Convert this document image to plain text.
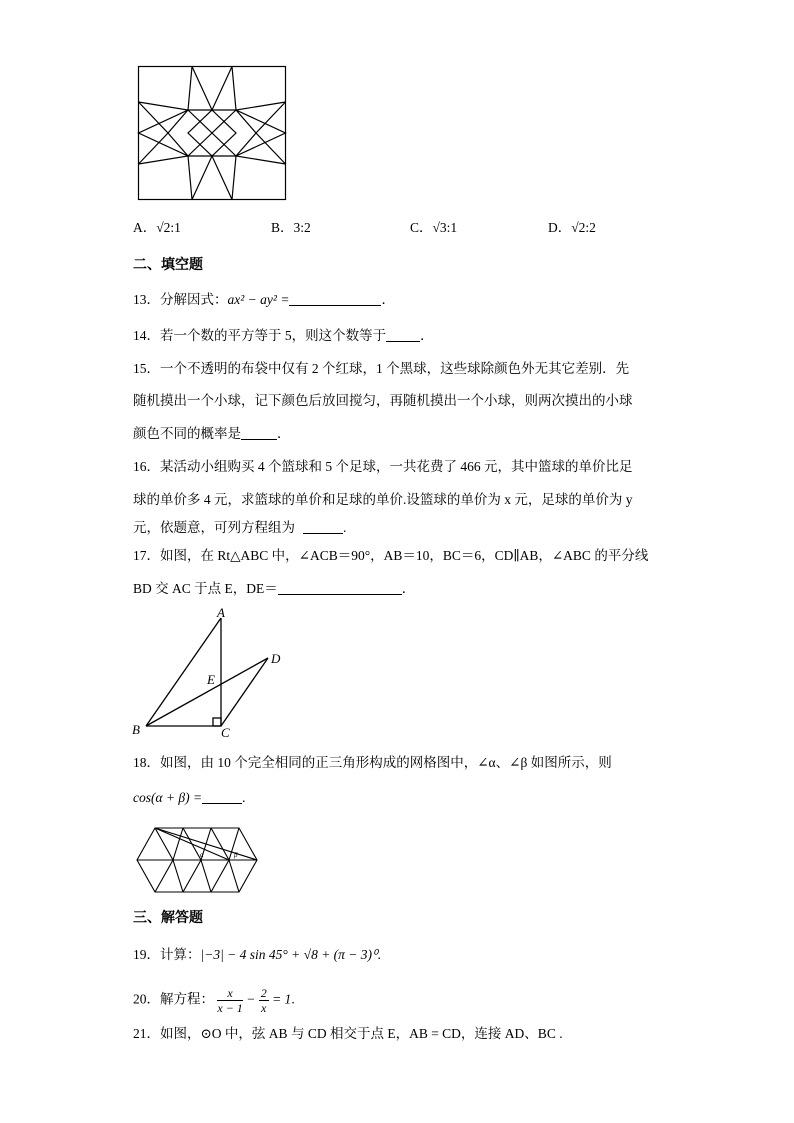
A．√2:1	B．3:2	C．√3:1	D．√2:2
二、填空题
13．分解因式：ax² − ay² =	．
14．若一个数的平方等于 5，则这个数等于	．
15．一个不透明的布袋中仅有 2 个红球，1 个黑球，这些球除颜色外无其它差别．先
随机摸出一个小球，记下颜色后放回搅匀，再随机摸出一个小球，则两次摸出的小球
颜色不同的概率是	．
16．某活动小组购买 4 个篮球和 5 个足球，一共花费了 466 元，其中篮球的单价比足
球的单价多 4 元，求篮球的单价和足球的单价.设篮球的单价为 x 元，足球的单价为 y
元，依题意，可列方程组为	.
17．如图，在 Rt△ABC 中，∠ACB＝90°，AB＝10，BC＝6，CD∥AB，∠ABC 的平分线
BD 交 AC 于点 E，DE＝	．
A
B	C
D
E
18．如图，由 10 个完全相同的正三角形构成的网格图中，∠α、∠β 如图所示，则
cos(α + β) =	.
α	β
三、解答题
19．计算：|−3| − 4 sin 45° + √8 + (π − 3)⁰.
20．解方程： $\frac{x}{x - 1} - \frac{2}{x} = 1$.
21．如图，⊙O 中，弦 AB 与 CD 相交于点 E，AB = CD，连接 AD、BC .
